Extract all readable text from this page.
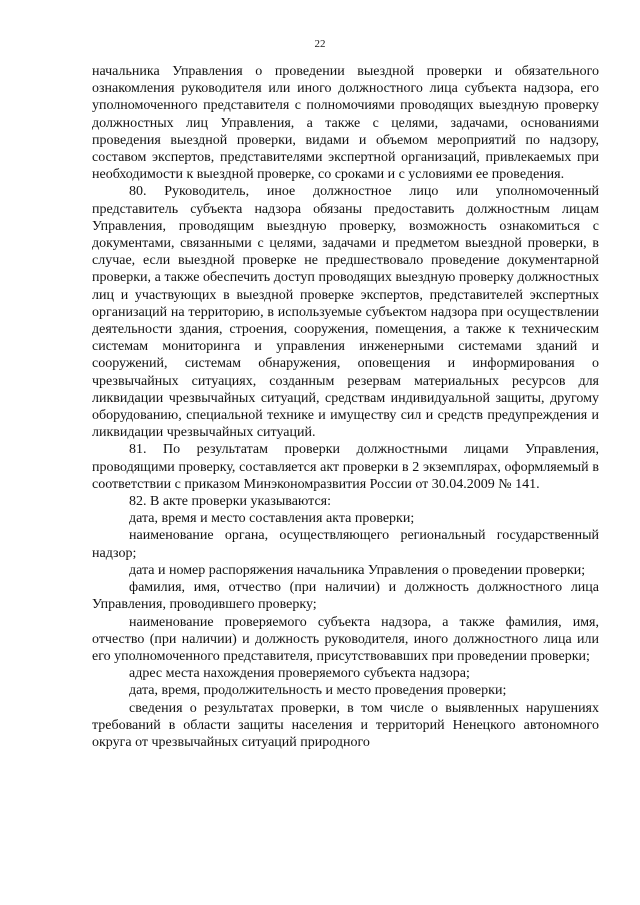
22

начальника Управления о проведении выездной проверки и обязательного ознакомления руководителя или иного должностного лица субъекта надзора, его уполномоченного представителя с полномочиями проводящих выездную проверку должностных лиц Управления, а также с целями, задачами, основаниями проведения выездной проверки, видами и объемом мероприятий по надзору, составом экспертов, представителями экспертной организаций, привлекаемых при необходимости к выездной проверке, со сроками и с условиями ее проведения.

80. Руководитель, иное должностное лицо или уполномоченный представитель субъекта надзора обязаны предоставить должностным лицам Управления, проводящим выездную проверку, возможность ознакомиться с документами, связанными с целями, задачами и предметом выездной проверки, в случае, если выездной проверке не предшествовало проведение документарной проверки, а также обеспечить доступ проводящих выездную проверку должностных лиц и участвующих в выездной проверке экспертов, представителей экспертных организаций на территорию, в используемые субъектом надзора при осуществлении деятельности здания, строения, сооружения, помещения, а также к техническим системам мониторинга и управления инженерными системами зданий и сооружений, системам обнаружения, оповещения и информирования о чрезвычайных ситуациях, созданным резервам материальных ресурсов для ликвидации чрезвычайных ситуаций, средствам индивидуальной защиты, другому оборудованию, специальной технике и имуществу сил и средств предупреждения и ликвидации чрезвычайных ситуаций.

81. По результатам проверки должностными лицами Управления, проводящими проверку, составляется акт проверки в 2 экземплярах, оформляемый в соответствии с приказом Минэкономразвития России от 30.04.2009 № 141.

82. В акте проверки указываются:

дата, время и место составления акта проверки;

наименование органа, осуществляющего региональный государственный надзор;

дата и номер распоряжения начальника Управления о проведении проверки;

фамилия, имя, отчество (при наличии) и должность должностного лица Управления, проводившего проверку;

наименование проверяемого субъекта надзора, а также фамилия, имя, отчество (при наличии) и должность руководителя, иного должностного лица или его уполномоченного представителя, присутствовавших при проведении проверки;

адрес места нахождения проверяемого субъекта надзора;

дата, время, продолжительность и место проведения проверки;

сведения о результатах проверки, в том числе о выявленных нарушениях требований в области защиты населения и территорий Ненецкого автономного округа от чрезвычайных ситуаций природного
